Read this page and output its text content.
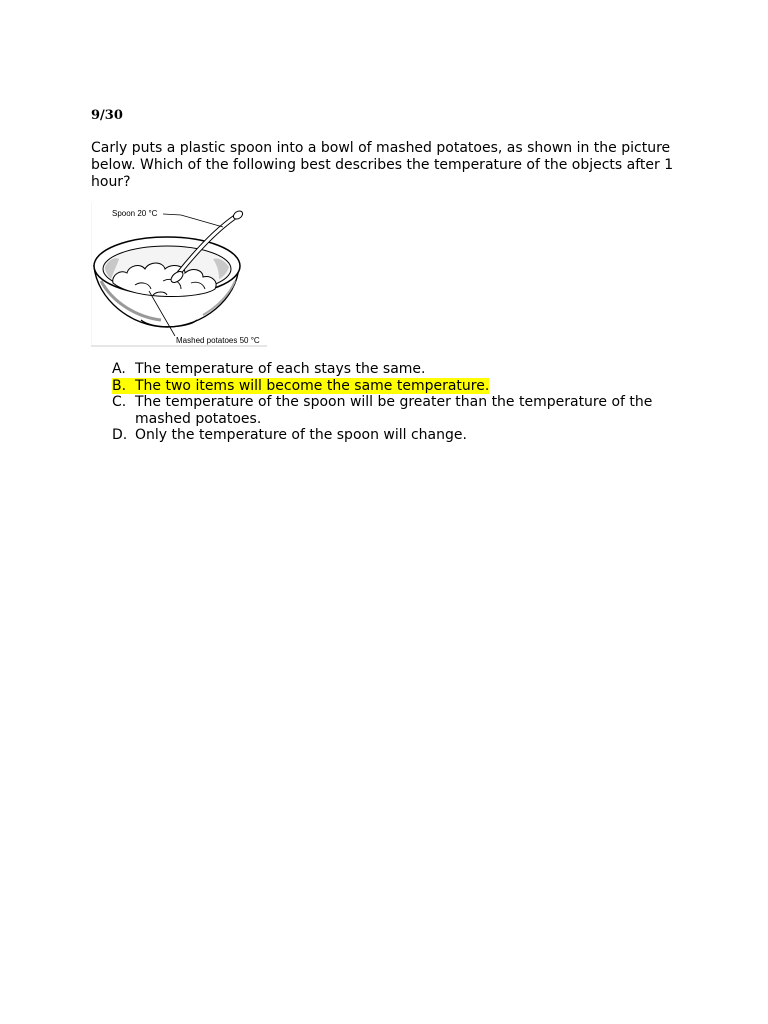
9/30

Carly puts a plastic spoon into a bowl of mashed potatoes, as shown in the picture below. Which of the following best describes the temperature of the objects after 1 hour?

Spoon 20 °C
Mashed potatoes 50 °C
A. The temperature of each stays the same.
B. The two items will become the same temperature.
C. The temperature of the spoon will be greater than the temperature of the mashed potatoes.
D. Only the temperature of the spoon will change.
